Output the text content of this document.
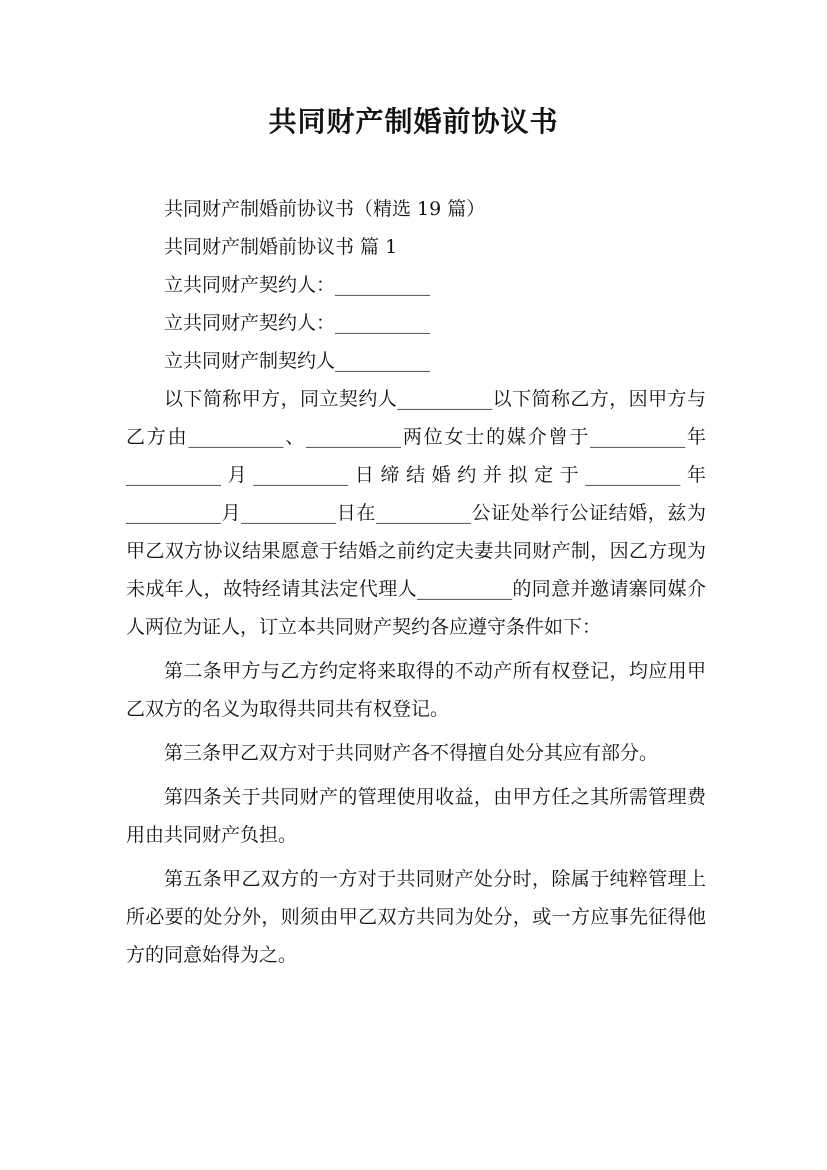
共同财产制婚前协议书
共同财产制婚前协议书（精选 19 篇）
共同财产制婚前协议书 篇 1
立共同财产契约人：__________
立共同财产契约人：__________
立共同财产制契约人__________
以下简称甲方，同立契约人__________以下简称乙方，因甲方与乙方由__________、__________两位女士的媒介曾于__________年__________月__________日缔结婚约并拟定于__________年__________月__________日在__________公证处举行公证结婚，兹为甲乙双方协议结果愿意于结婚之前约定夫妻共同财产制，因乙方现为未成年人，故特经请其法定代理人__________的同意并邀请寨同媒介人两位为证人，订立本共同财产契约各应遵守条件如下：
第二条甲方与乙方约定将来取得的不动产所有权登记，均应用甲乙双方的名义为取得共同共有权登记。
第三条甲乙双方对于共同财产各不得擅自处分其应有部分。
第四条关于共同财产的管理使用收益，由甲方任之其所需管理费用由共同财产负担。
第五条甲乙双方的一方对于共同财产处分时，除属于纯粹管理上所必要的处分外，则须由甲乙双方共同为处分，或一方应事先征得他方的同意始得为之。
